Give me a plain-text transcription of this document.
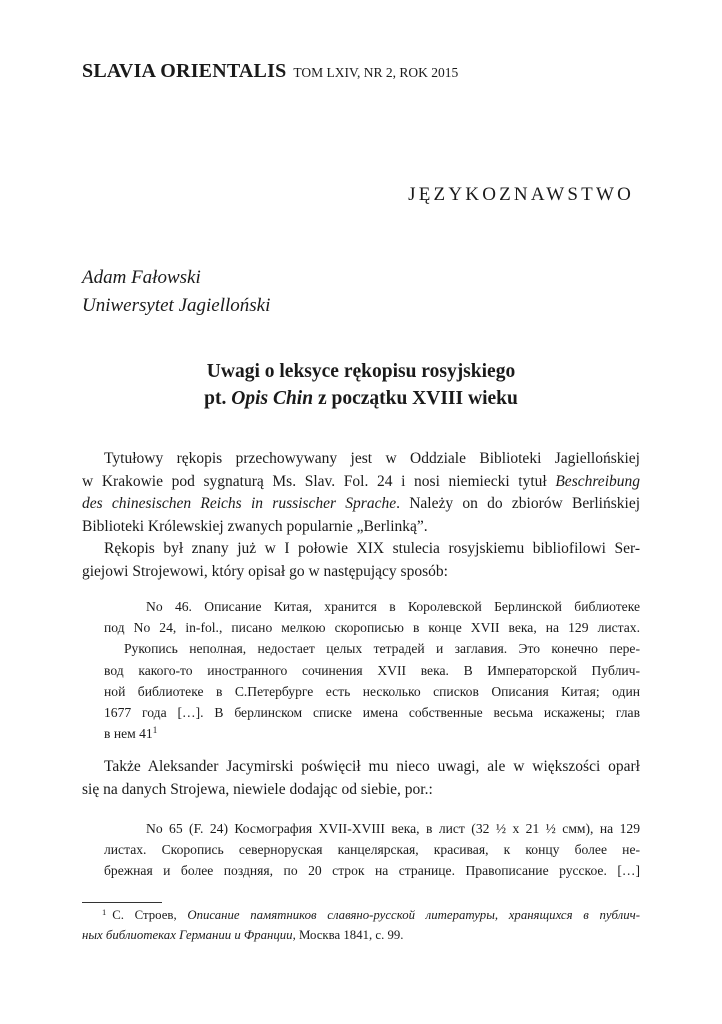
SLAVIA ORIENTALIS TOM LXIV, NR 2, ROK 2015
JĘZYKOZNAWSTWO
Adam Fałowski
Uniwersytet Jagielloński
Uwagi o leksyce rękopisu rosyjskiego
pt. Opis Chin z początku XVIII wieku
Tytułowy rękopis przechowywany jest w Oddziale Biblioteki Jagiellońskiej
w Krakowie pod sygnaturą Ms. Slav. Fol. 24 i nosi niemiecki tytuł Beschreibung
des chinesischen Reichs in russischer Sprache. Należy on do zbiorów Berlińskiej
Biblioteki Królewskiej zwanych popularnie „Berlinką”.
Rękopis był znany już w I połowie XIX stulecia rosyjskiemu bibliofilowi Ser-
giejowi Strojewowi, który opisał go w następujący sposób:
No 46. Описание Китая, хранится в Королевской Берлинской библиотеке
под No 24, in-fol., писано мелкою скорописью в конце XVII века, на 129 листах.
Рукопись неполная, недостает целых тетрадей и заглавия. Это конечно пере-
вод какого-то иностранного сочинения XVII века. В Императорской Публич-
ной библиотеке в С.Петербурге есть несколько списков Описания Китая; один
1677 года […]. В берлинском списке имена собственные весьма искажены; глав
в нем $41^1$
Także Aleksander Jacymirski poświęcił mu nieco uwagi, ale w większości oparł
się na danych Strojewa, niewiele dodając od siebie, por.:
No 65 (F. 24) Космография XVII-XVIII века, в лист (32 ½ x 21 ½ смм), на 129
листах. Скоропись северноруская канцелярская, красивая, к концу более не-
брежная и более поздняя, по 20 строк на странице. Правописание русское. […]
$^1$ С. Строев, Описание памятников славяно-русской литературы, хранящихся в публич-
ных библиотеках Германии и Франции, Москва 1841, с. 99.
